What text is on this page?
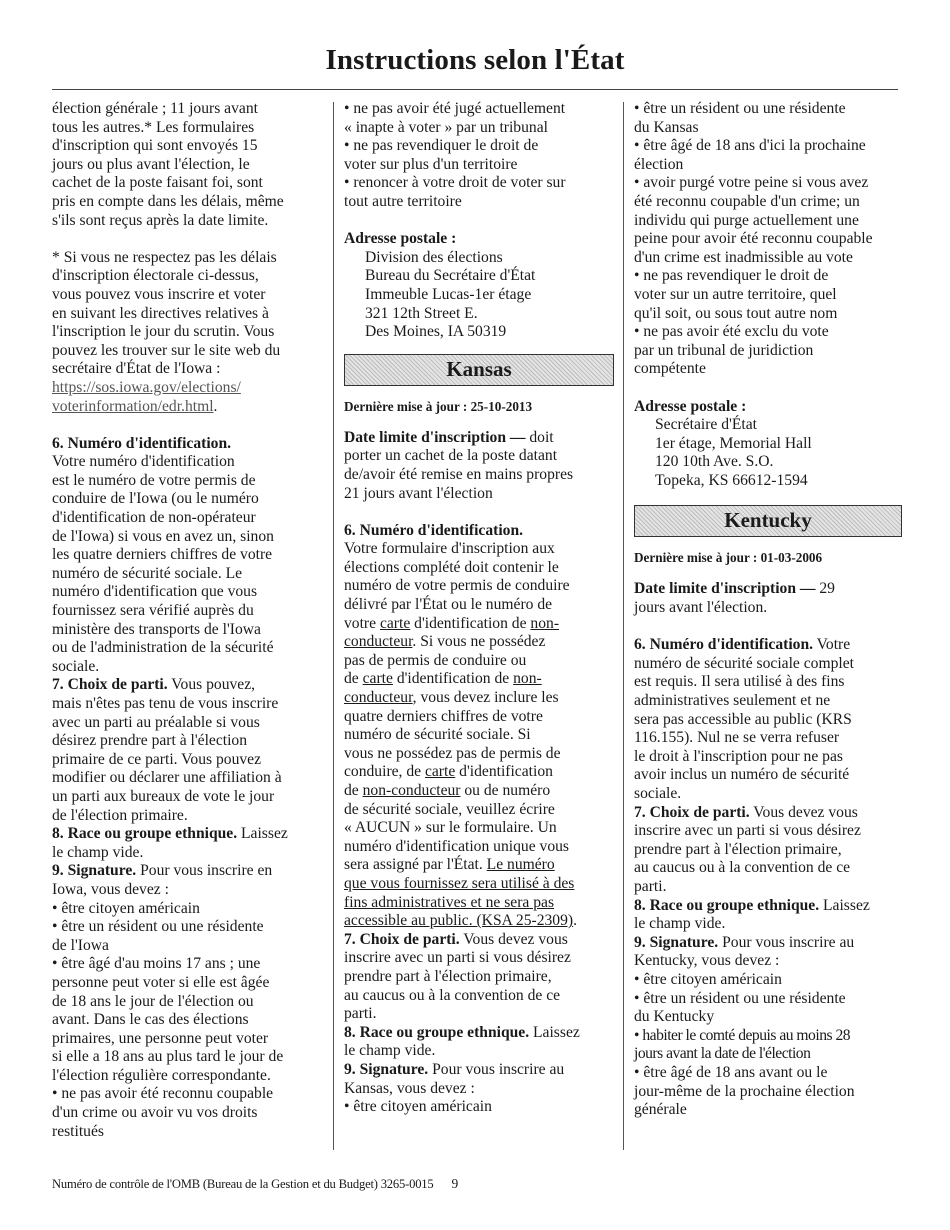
Instructions selon l'État

élection générale ; 11 jours avant

tous les autres.* Les formulaires

d'inscription qui sont envoyés 15

jours ou plus avant l'élection, le

cachet de la poste faisant foi, sont

pris en compte dans les délais, même

s'ils sont reçus après la date limite.

* Si vous ne respectez pas les délais

d'inscription électorale ci-dessus,

vous pouvez vous inscrire et voter

en suivant les directives relatives à

l'inscription le jour du scrutin. Vous

pouvez les trouver sur le site web du

secrétaire d'État de l'Iowa :

https://sos.iowa.gov/elections/

voterinformation/edr.html.

6. Numéro d'identification.

Votre numéro d'identification

est le numéro de votre permis de

conduire de l'Iowa (ou le numéro

d'identification de non-opérateur

de l'Iowa) si vous en avez un, sinon

les quatre derniers chiffres de votre

numéro de sécurité sociale. Le

numéro d'identification que vous

fournissez sera vérifié auprès du

ministère des transports de l'Iowa

ou de l'administration de la sécurité

sociale.

7. Choix de parti. Vous pouvez,

mais n'êtes pas tenu de vous inscrire

avec un parti au préalable si vous

désirez prendre part à l'élection

primaire de ce parti. Vous pouvez

modifier ou déclarer une affiliation à

un parti aux bureaux de vote le jour

de l'élection primaire.

8. Race ou groupe ethnique. Laissez

le champ vide.

9. Signature. Pour vous inscrire en

Iowa, vous devez :

• être citoyen américain

• être un résident ou une résidente

de l'Iowa

• être âgé d'au moins 17 ans ; une

personne peut voter si elle est âgée

de 18 ans le jour de l'élection ou

avant. Dans le cas des élections

primaires, une personne peut voter

si elle a 18 ans au plus tard le jour de

l'élection régulière correspondante.

• ne pas avoir été reconnu coupable

d'un crime ou avoir vu vos droits

restitués

• ne pas avoir été jugé actuellement

« inapte à voter » par un tribunal

• ne pas revendiquer le droit de

voter sur plus d'un territoire

• renoncer à votre droit de voter sur

tout autre territoire

Adresse postale :

Division des élections

Bureau du Secrétaire d'État

Immeuble Lucas-1er étage

321 12th Street E.

Des Moines, IA 50319

Kansas

Dernière mise à jour : 25-10-2013

Date limite d'inscription — doit

porter un cachet de la poste datant

de/avoir été remise en mains propres

21 jours avant l'élection

6. Numéro d'identification.

Votre formulaire d'inscription aux

élections complété doit contenir le

numéro de votre permis de conduire

délivré par l'État ou le numéro de

votre carte d'identification de non-

conducteur. Si vous ne possédez

pas de permis de conduire ou

de carte d'identification de non-

conducteur, vous devez inclure les

quatre derniers chiffres de votre

numéro de sécurité sociale. Si

vous ne possédez pas de permis de

conduire, de carte d'identification

de non-conducteur ou de numéro

de sécurité sociale, veuillez écrire

« AUCUN » sur le formulaire. Un

numéro d'identification unique vous

sera assigné par l'État. Le numéro

que vous fournissez sera utilisé à des

fins administratives et ne sera pas

accessible au public. (KSA 25-2309).

7. Choix de parti. Vous devez vous

inscrire avec un parti si vous désirez

prendre part à l'élection primaire,

au caucus ou à la convention de ce

parti.

8. Race ou groupe ethnique. Laissez

le champ vide.

9. Signature. Pour vous inscrire au

Kansas, vous devez :

• être citoyen américain

• être un résident ou une résidente

du Kansas

• être âgé de 18 ans d'ici la prochaine

élection

• avoir purgé votre peine si vous avez

été reconnu coupable d'un crime; un

individu qui purge actuellement une

peine pour avoir été reconnu coupable

d'un crime est inadmissible au vote

• ne pas revendiquer le droit de

voter sur un autre territoire, quel

qu'il soit, ou sous tout autre nom

• ne pas avoir été exclu du vote

par un tribunal de juridiction

compétente

Adresse postale :

Secrétaire d'État

1er étage, Memorial Hall

120 10th Ave. S.O.

Topeka, KS 66612-1594

Kentucky

Dernière mise à jour : 01-03-2006

Date limite d'inscription — 29

jours avant l'élection.

6. Numéro d'identification. Votre

numéro de sécurité sociale complet

est requis. Il sera utilisé à des fins

administratives seulement et ne

sera pas accessible au public (KRS

116.155). Nul ne se verra refuser

le droit à l'inscription pour ne pas

avoir inclus un numéro de sécurité

sociale.

7. Choix de parti. Vous devez vous

inscrire avec un parti si vous désirez

prendre part à l'élection primaire,

au caucus ou à la convention de ce

parti.

8. Race ou groupe ethnique. Laissez

le champ vide.

9. Signature. Pour vous inscrire au

Kentucky, vous devez :

• être citoyen américain

• être un résident ou une résidente

du Kentucky

• habiter le comté depuis au moins 28

jours avant la date de l'élection

• être âgé de 18 ans avant ou le

jour-même de la prochaine élection

générale

Numéro de contrôle de l'OMB (Bureau de la Gestion et du Budget) 3265-0015 9
